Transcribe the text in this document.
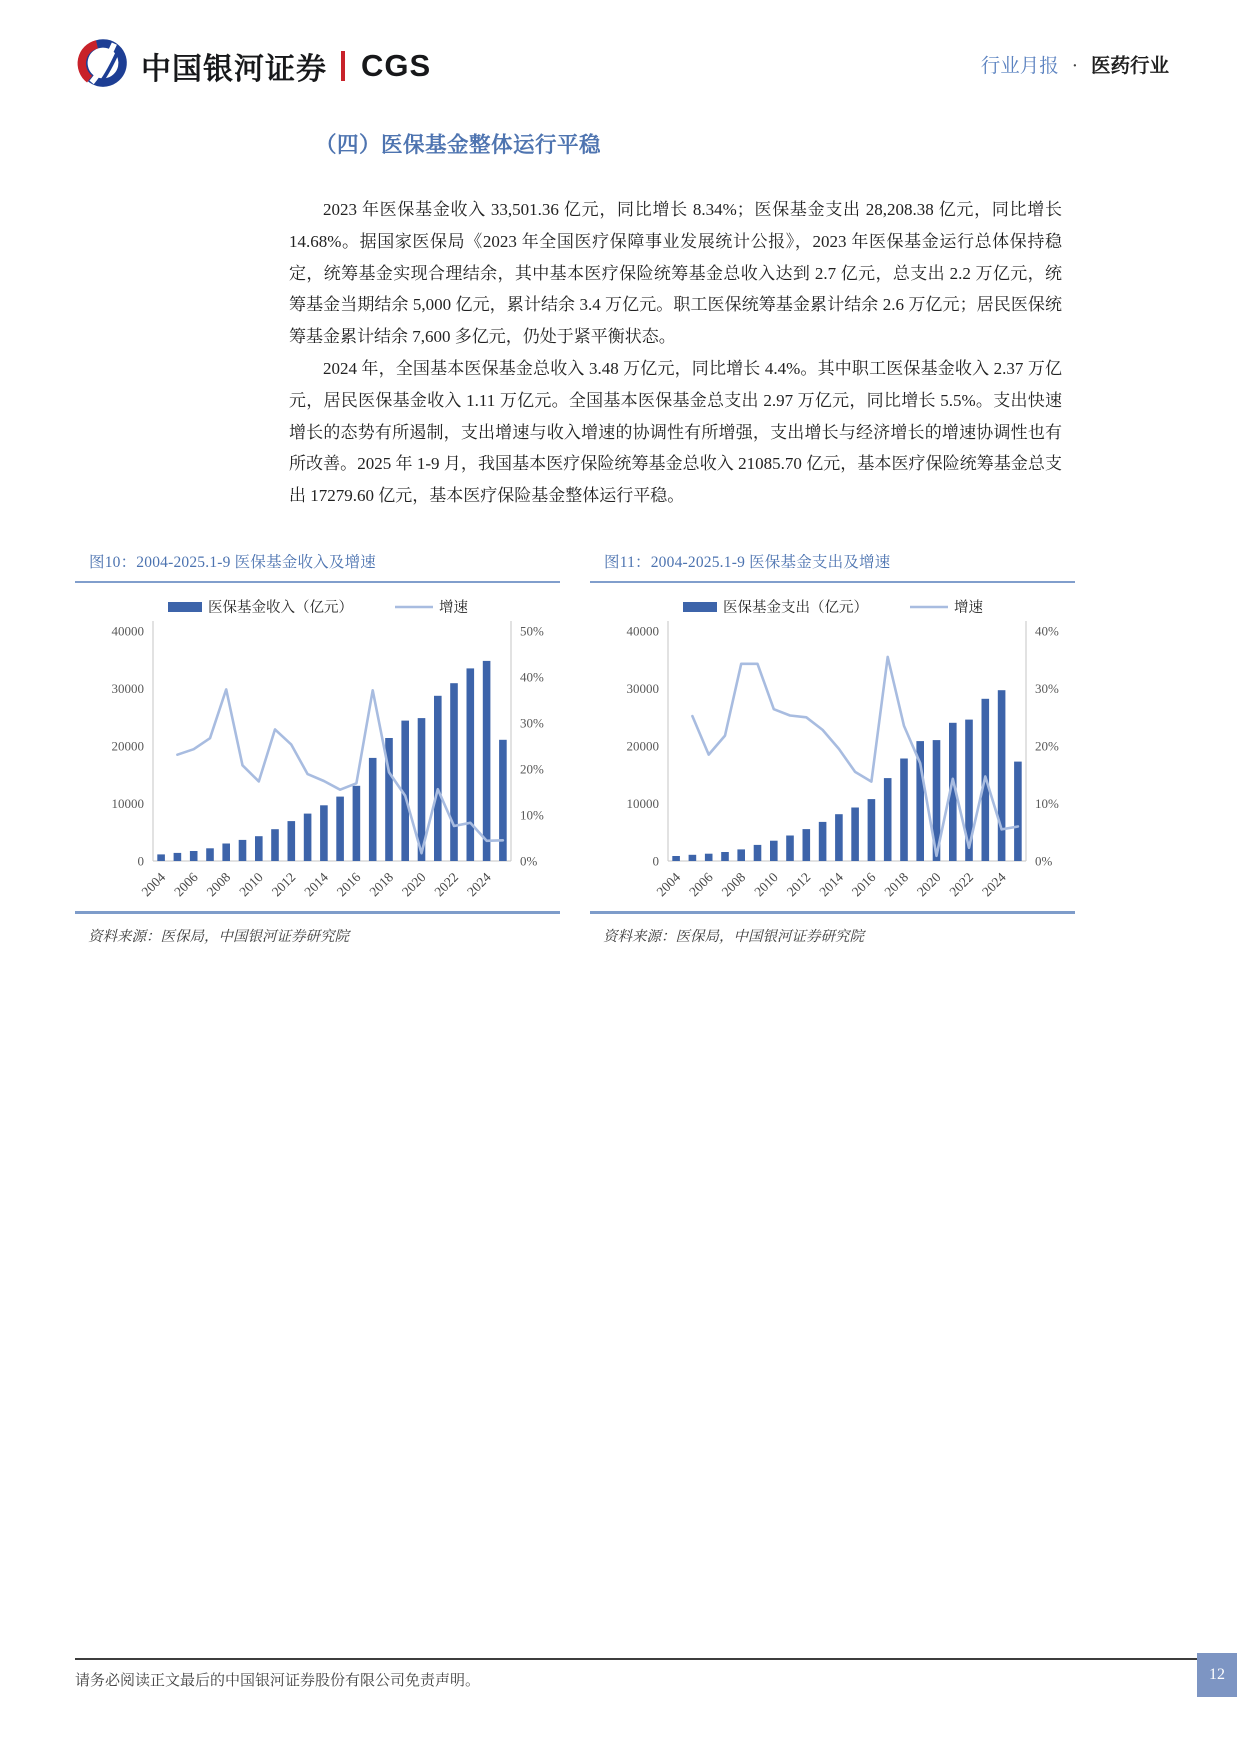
中国银河证券 CGS	行业月报 · 医药行业
（四）医保基金整体运行平稳

2023 年医保基金收入 33,501.36 亿元，同比增长 8.34%；医保基金支出 28,208.38 亿元，同比增长 14.68%。据国家医保局《2023 年全国医疗保障事业发展统计公报》，2023 年医保基金运行总体保持稳定，统筹基金实现合理结余，其中基本医疗保险统筹基金总收入达到 2.7 亿元，总支出 2.2 万亿元，统筹基金当期结余 5,000 亿元，累计结余 3.4 万亿元。职工医保统筹基金累计结余 2.6 万亿元；居民医保统筹基金累计结余 7,600 多亿元，仍处于紧平衡状态。

2024 年，全国基本医保基金总收入 3.48 万亿元，同比增长 4.4%。其中职工医保基金收入 2.37 万亿元，居民医保基金收入 1.11 万亿元。全国基本医保基金总支出 2.97 万亿元，同比增长 5.5%。支出快速增长的态势有所遏制，支出增速与收入增速的协调性有所增强，支出增长与经济增长的增速协调性也有所改善。2025 年 1-9 月，我国基本医疗保险统筹基金总收入 21085.70 亿元，基本医疗保险统筹基金总支出 17279.60 亿元，基本医疗保险基金整体运行平稳。

图10：2004-2025.1-9 医保基金收入及增速
0
10000
20000
30000
40000
0%
10%
20%
30%
40%
50%
2004 2006 2008 2010 2012 2014 2016 2018 2020 2022 2024
医保基金收入（亿元）	增速
资料来源：医保局，中国银河证券研究院
图11：2004-2025.1-9 医保基金支出及增速
0
10000
20000
30000
40000
0%
10%
20%
30%
40%
2004 2006 2008 2010 2012 2014 2016 2018 2020 2022 2024
医保基金支出（亿元）	增速
资料来源：医保局，中国银河证券研究院
请务必阅读正文最后的中国银河证券股份有限公司免责声明。	12
